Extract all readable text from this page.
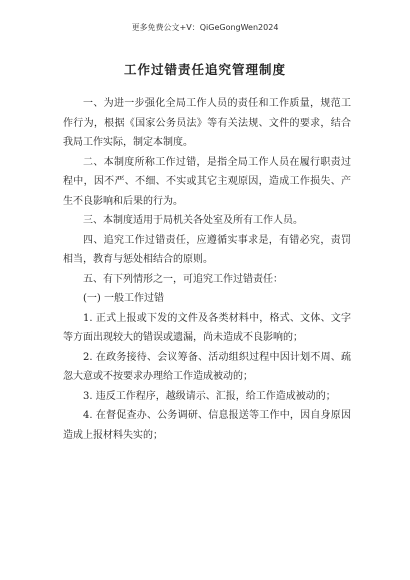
更多免费公文+V：QiGeGongWen2024
工作过错责任追究管理制度

一、为进一步强化全局工作人员的责任和工作质量，规范工作行为，根据《国家公务员法》等有关法规、文件的要求，结合我局工作实际，制定本制度。

二、本制度所称工作过错，是指全局工作人员在履行职责过程中，因不严、不细、不实或其它主观原因，造成工作损失、产生不良影响和后果的行为。

三、本制度适用于局机关各处室及所有工作人员。

四、追究工作过错责任，应遵循实事求是，有错必究，责罚相当，教育与惩处相结合的原则。

五、有下列情形之一，可追究工作过错责任：

(一) 一般工作过错

1. 正式上报或下发的文件及各类材料中，格式、文体、文字等方面出现较大的错误或遗漏，尚未造成不良影响的；

2. 在政务接待、会议筹备、活动组织过程中因计划不周、疏忽大意或不按要求办理给工作造成被动的；

3. 违反工作程序，越级请示、汇报，给工作造成被动的；

4. 在督促查办、公务调研、信息报送等工作中，因自身原因造成上报材料失实的；
